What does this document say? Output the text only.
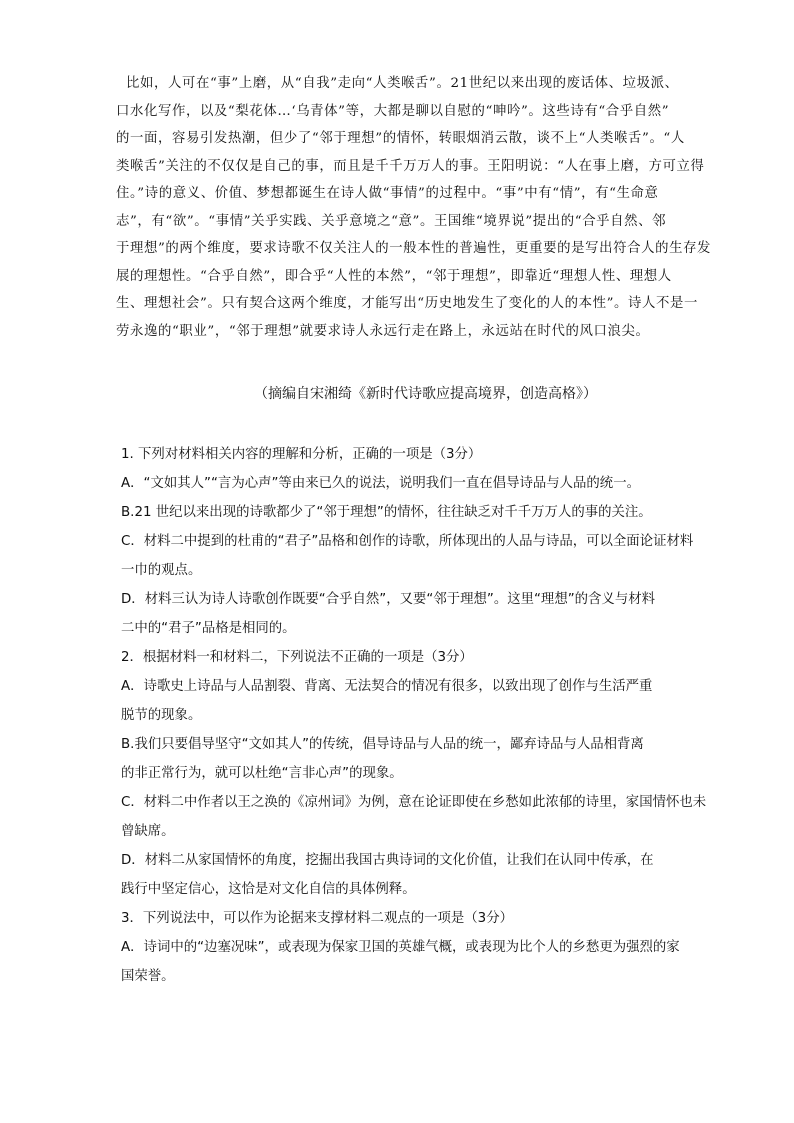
比如，人可在“事”上磨，从“自我”走向“人类喉舌”。21世纪以来出现的废话体、垃圾派、
口水化写作，以及“梨花体…‘乌青体”等，大都是聊以自慰的“呻吟”。这些诗有“合乎自然”
的一面，容易引发热潮，但少了“邻于理想”的情怀，转眼烟消云散，谈不上“人类喉舌”。“人
类喉舌”关注的不仅仅是自己的事，而且是千千万万人的事。王阳明说：“人在事上磨，方可立得
住。”诗的意义、价值、梦想都诞生在诗人做“事情”的过程中。“事”中有“情”，有“生命意
志”，有“欲”。“事情”关乎实践、关乎意境之“意”。王国维“境界说”提出的“合乎自然、邻
于理想”的两个维度，要求诗歌不仅关注人的一般本性的普遍性，更重要的是写出符合人的生存发
展的理想性。“合乎自然”，即合乎“人性的本然”，“邻于理想”，即靠近“理想人性、理想人
生、理想社会”。只有契合这两个维度，才能写出“历史地发生了变化的人的本性”。诗人不是一
劳永逸的“职业”，“邻于理想”就要求诗人永远行走在路上，永远站在时代的风口浪尖。
（摘编自宋湘绮《新时代诗歌应提高境界，创造高格》）
1. 下列对材料相关内容的理解和分析，正确的一项是（3分）
A．“文如其人”“言为心声”等由来已久的说法，说明我们一直在倡导诗品与人品的统一。
B.21 世纪以来出现的诗歌都少了“邻于理想”的情怀，往往缺乏对千千万万人的事的关注。
C．材料二中提到的杜甫的“君子”品格和创作的诗歌，所体现出的人品与诗品，可以全面论证材料
一巾的观点。
D．材料三认为诗人诗歌创作既要“合乎自然”，又要“邻于理想”。这里“理想”的含义与材料
二中的“君子”品格是相同的。
2．根据材料一和材料二，下列说法不正确的一项是（3分）
A．诗歌史上诗品与人品割裂、背离、无法契合的情况有很多，以致出现了创作与生活严重
脱节的现象。
B.我们只要倡导坚守“文如其人”的传统，倡导诗品与人品的统一，鄙弃诗品与人品相背离
的非正常行为，就可以杜绝“言非心声”的现象。
C．材料二中作者以王之涣的《凉州词》为例，意在论证即使在乡愁如此浓郁的诗里，家国情怀也未
曾缺席。
D．材料二从家国情怀的角度，挖掘出我国古典诗词的文化价值，让我们在认同中传承，在
践行中坚定信心，这恰是对文化自信的具体例释。
3．下列说法中，可以作为论据来支撑材料二观点的一项是（3分）
A．诗词中的“边塞况味”，或表现为保家卫国的英雄气概，或表现为比个人的乡愁更为强烈的家
国荣誉。
